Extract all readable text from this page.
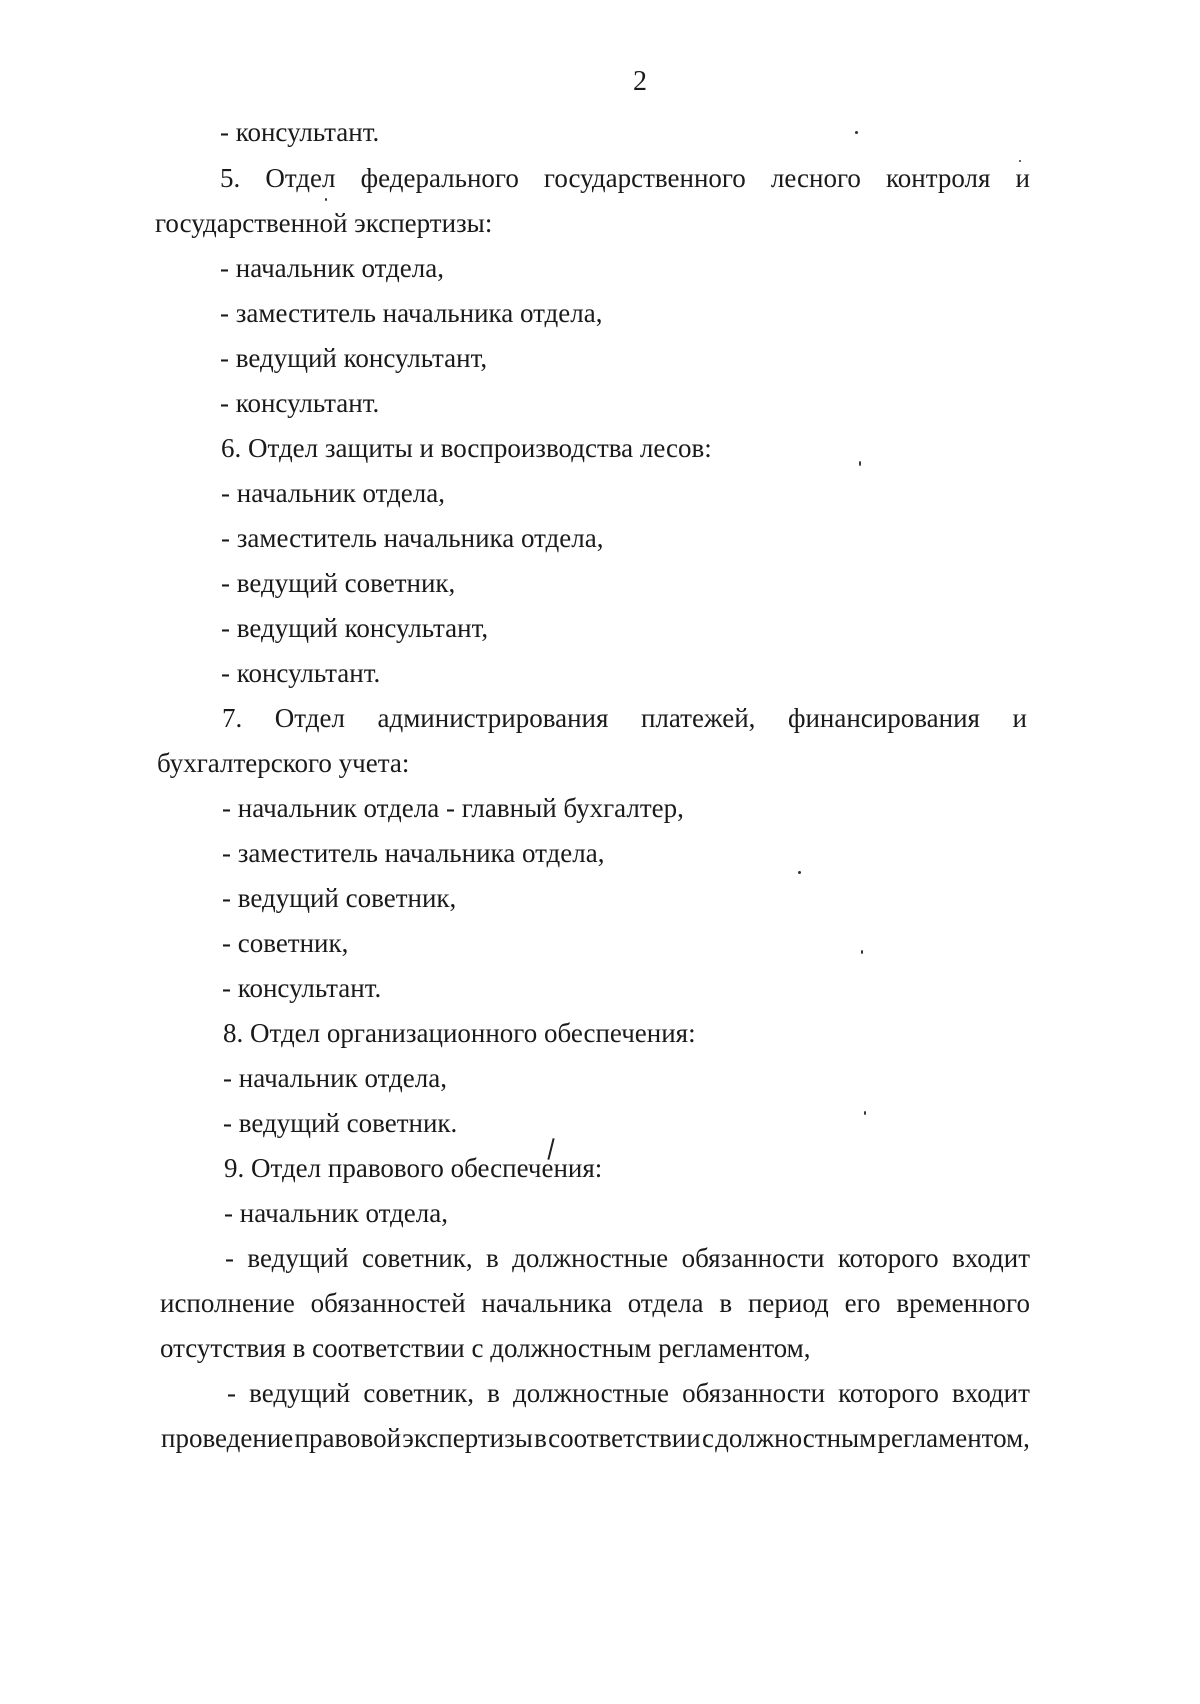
2
- консультант.
5. Отдел федерального государственного лесного контроля и
государственной экспертизы:
- начальник отдела,
- заместитель начальника отдела,
- ведущий консультант,
- консультант.
6. Отдел защиты и воспроизводства лесов:
- начальник отдела,
- заместитель начальника отдела,
- ведущий советник,
- ведущий консультант,
- консультант.
7. Отдел администрирования платежей, финансирования и
бухгалтерского учета:
- начальник отдела - главный бухгалтер,
- заместитель начальника отдела,
- ведущий советник,
- советник,
- консультант.
8. Отдел организационного обеспечения:
- начальник отдела,
- ведущий советник.
9. Отдел правового обеспечения:
- начальник отдела,
- ведущий советник, в должностные обязанности которого входит
исполнение обязанностей начальника отдела в период его временного
отсутствия в соответствии с должностным регламентом,
- ведущий советник, в должностные обязанности которого входит
проведение правовой экспертизы в соответствии с должностным регламентом,
